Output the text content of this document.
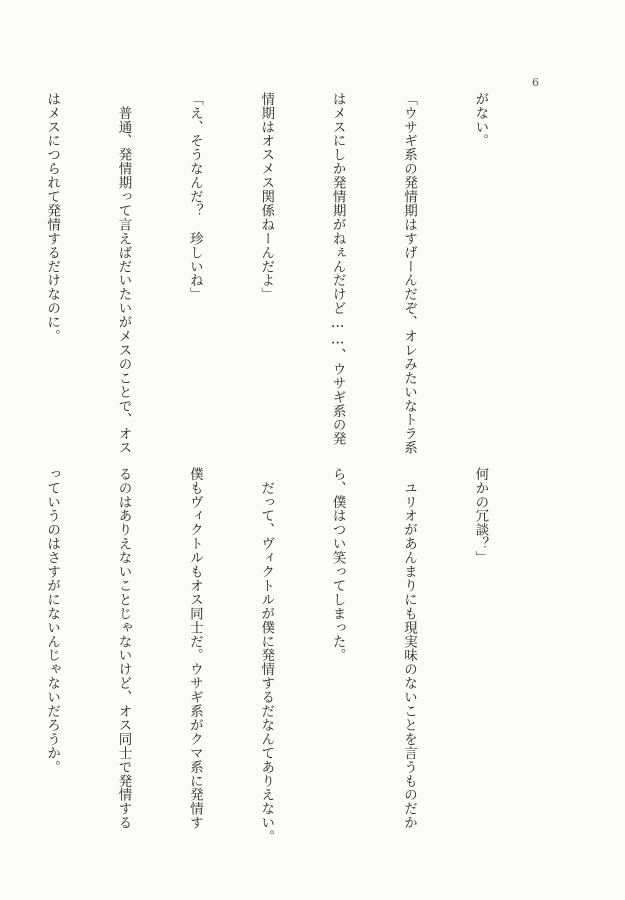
6

がない。

「ウサギ系の発情期はすげーんだぞ、オレみたいなトラ系

はメスにしか発情期がねぇんだけど……、ウサギ系の発

情期はオスメス関係ねーんだよ」

「え、そうなんだ？　珍しいね」

　普通、発情期って言えばだいたいがメスのことで、オス

はメスにつられて発情するだけなのに。

何かの冗談？」

　ユリオがあんまりにも現実味のないことを言うものだか

ら、僕はつい笑ってしまった。

　だって、ヴィクトルが僕に発情するだなんてありえない。

僕もヴィクトルもオス同士だ。ウサギ系がクマ系に発情す

るのはありえないことじゃないけど、オス同士で発情する

っていうのはさすがにないんじゃないだろうか。
